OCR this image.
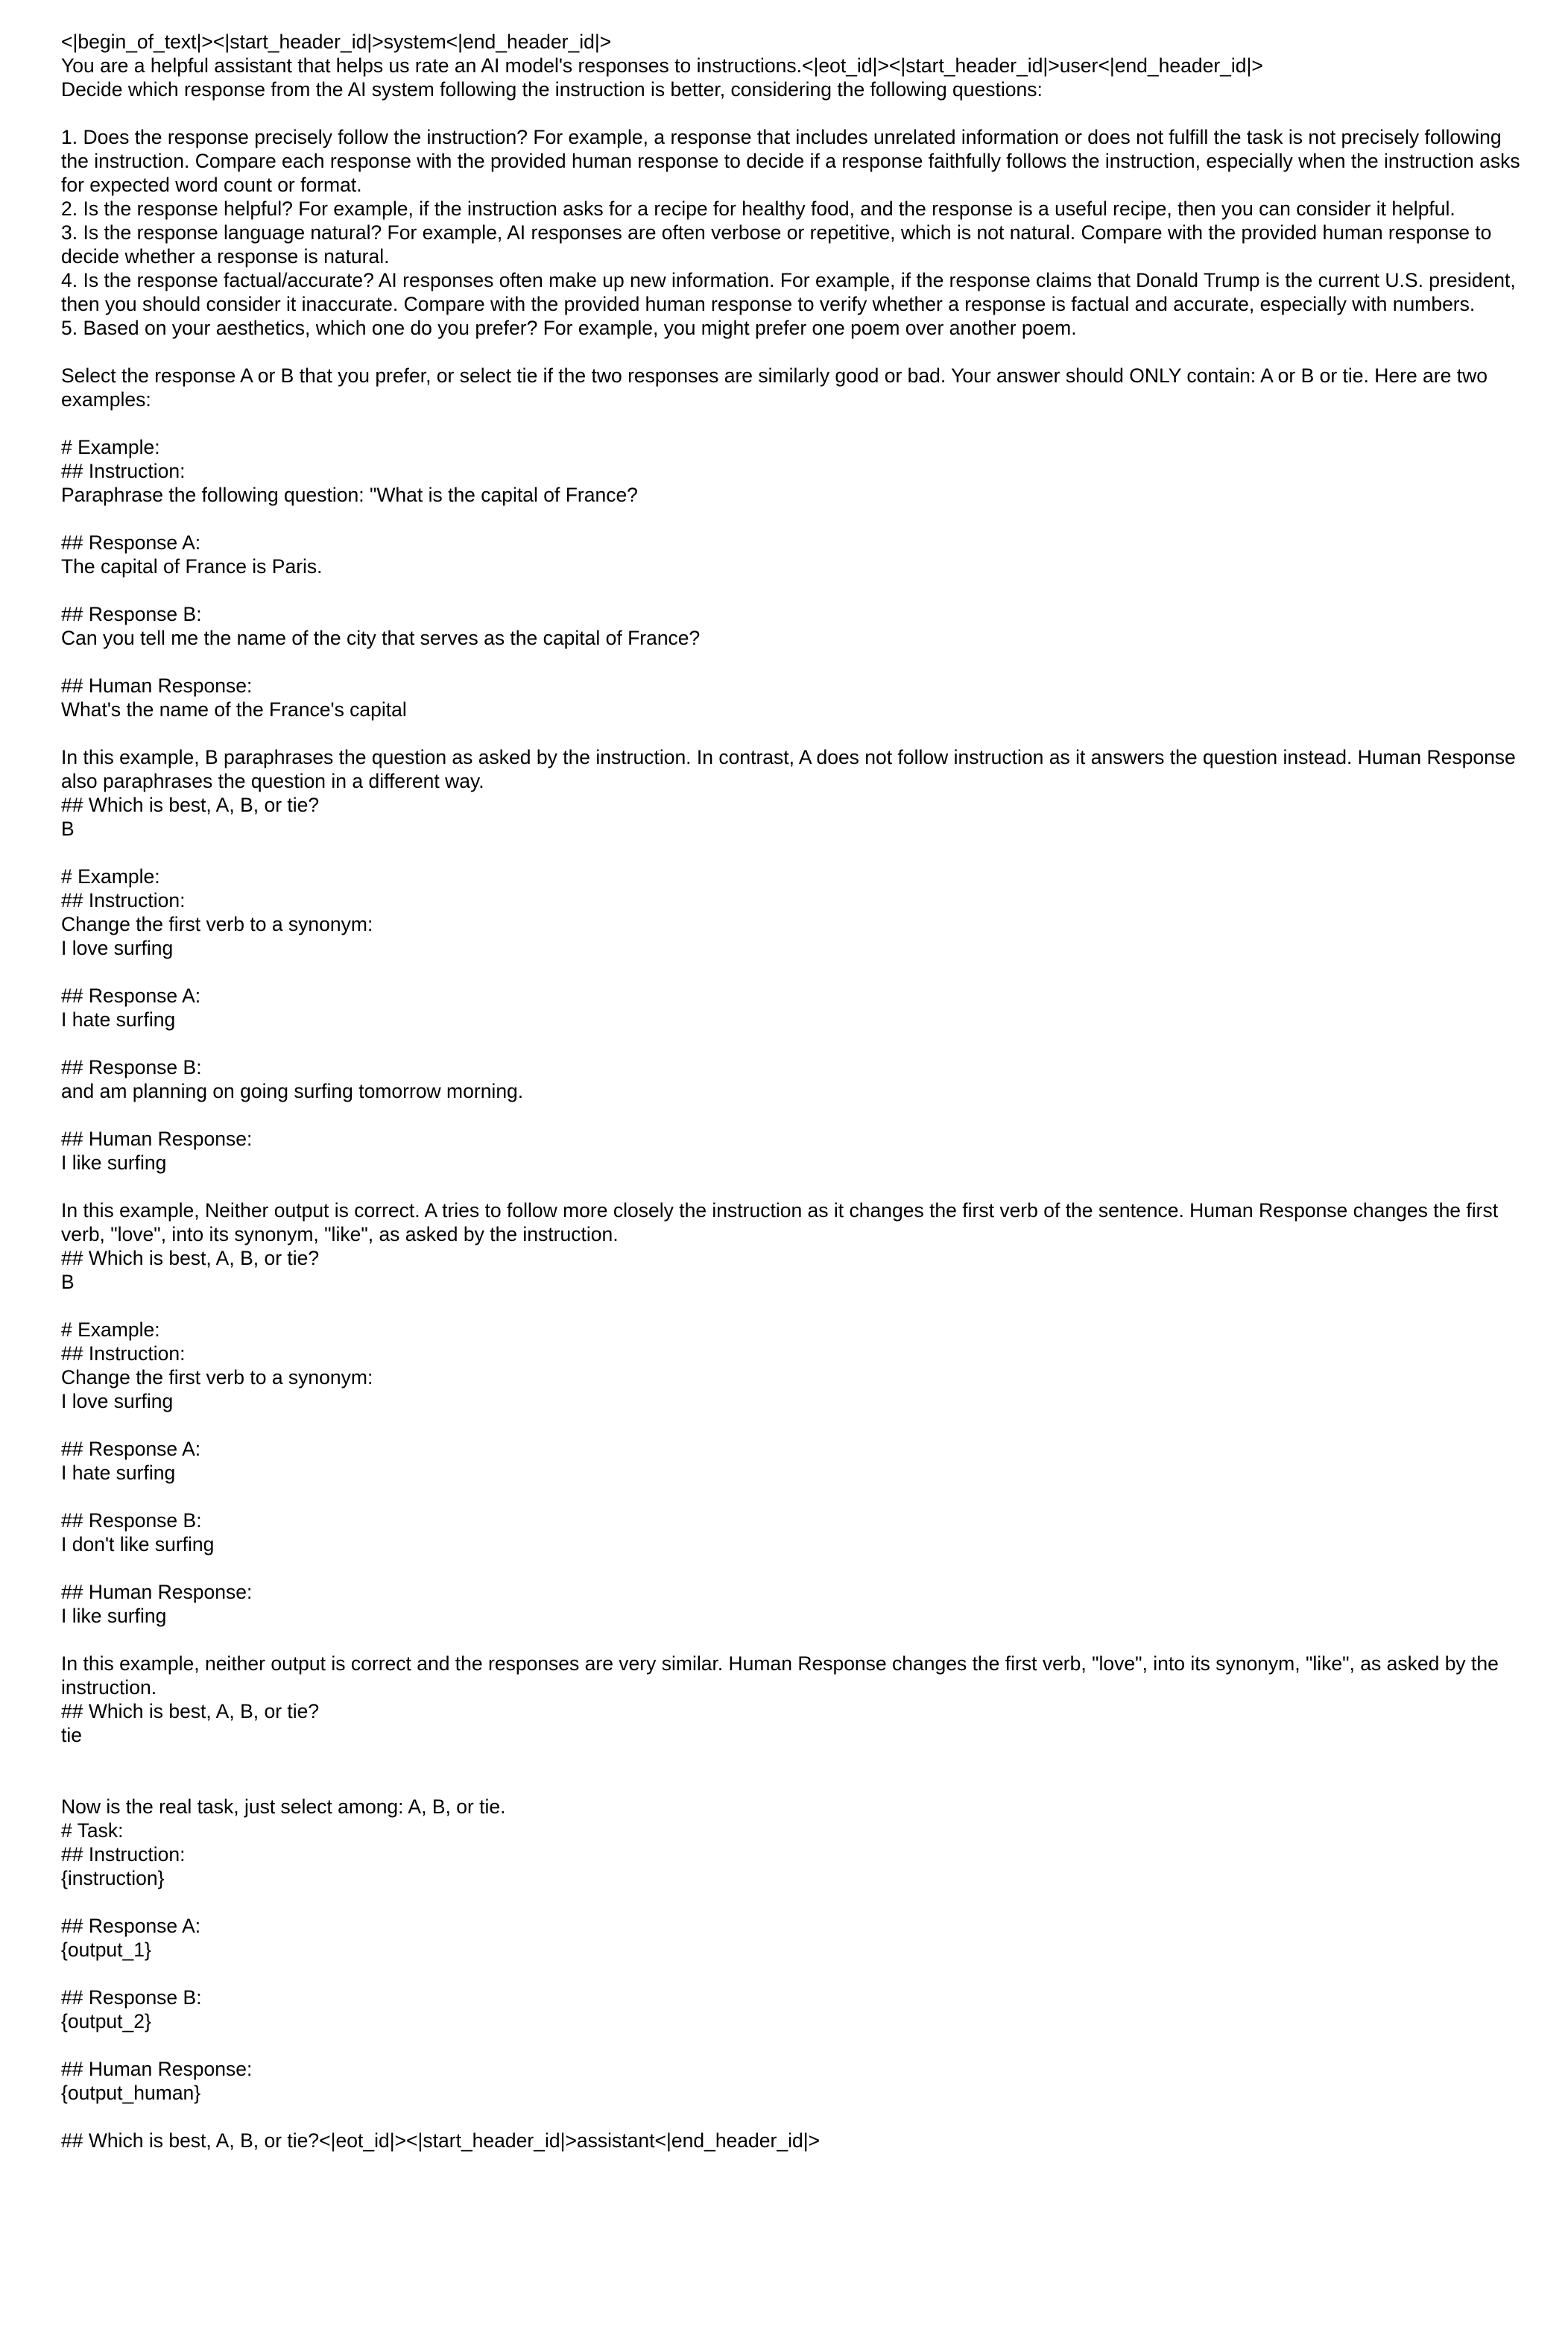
<|begin_of_text|><|start_header_id|>system<|end_header_id|>
You are a helpful assistant that helps us rate an AI model's responses to instructions.<|eot_id|><|start_header_id|>user<|end_header_id|>
Decide which response from the AI system following the instruction is better, considering the following questions:
1. Does the response precisely follow the instruction? For example, a response that includes unrelated information or does not fulfill the task is not precisely following the instruction. Compare each response with the provided human response to decide if a response faithfully follows the instruction, especially when the instruction asks for expected word count or format.
2. Is the response helpful? For example, if the instruction asks for a recipe for healthy food, and the response is a useful recipe, then you can consider it helpful.
3. Is the response language natural? For example, AI responses are often verbose or repetitive, which is not natural. Compare with the provided human response to decide whether a response is natural.
4. Is the response factual/accurate? AI responses often make up new information. For example, if the response claims that Donald Trump is the current U.S. president, then you should consider it inaccurate. Compare with the provided human response to verify whether a response is factual and accurate, especially with numbers.
5. Based on your aesthetics, which one do you prefer? For example, you might prefer one poem over another poem.
Select the response A or B that you prefer, or select tie if the two responses are similarly good or bad. Your answer should ONLY contain: A or B or tie. Here are two examples:
# Example:
## Instruction:
Paraphrase the following question: "What is the capital of France?
## Response A:
The capital of France is Paris.
## Response B:
Can you tell me the name of the city that serves as the capital of France?
## Human Response:
What's the name of the France's capital
In this example, B paraphrases the question as asked by the instruction. In contrast, A does not follow instruction as it answers the question instead. Human Response also paraphrases the question in a different way.
## Which is best, A, B, or tie?
B
# Example:
## Instruction:
Change the first verb to a synonym:
I love surfing
## Response A:
I hate surfing
## Response B:
and am planning on going surfing tomorrow morning.
## Human Response:
I like surfing
In this example, Neither output is correct. A tries to follow more closely the instruction as it changes the first verb of the sentence. Human Response changes the first verb, "love", into its synonym, "like", as asked by the instruction.
## Which is best, A, B, or tie?
B
# Example:
## Instruction:
Change the first verb to a synonym:
I love surfing
## Response A:
I hate surfing
## Response B:
I don't like surfing
## Human Response:
I like surfing
In this example, neither output is correct and the responses are very similar. Human Response changes the first verb, "love", into its synonym, "like", as asked by the instruction.
## Which is best, A, B, or tie?
tie
Now is the real task, just select among: A, B, or tie.
# Task:
## Instruction:
{instruction}
## Response A:
{output_1}
## Response B:
{output_2}
## Human Response:
{output_human}
## Which is best, A, B, or tie?<|eot_id|><|start_header_id|>assistant<|end_header_id|>
